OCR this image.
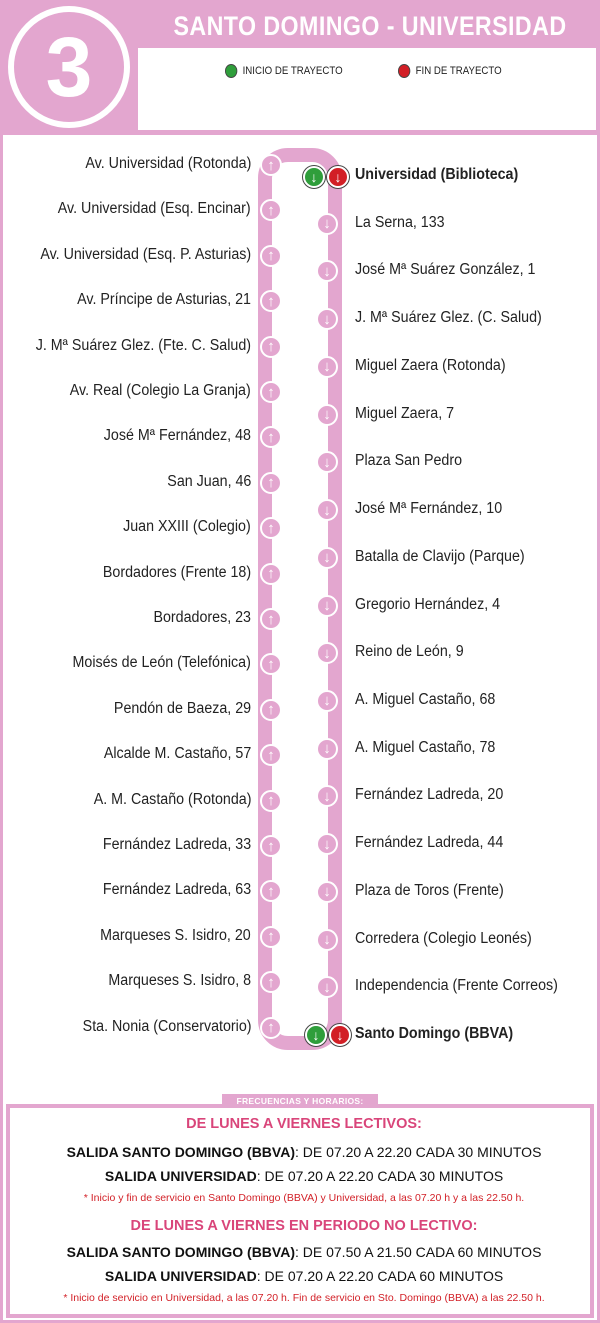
3	SANTO DOMINGO - UNIVERSIDAD
INICIO DE TRAYECTO	FIN DE TRAYECTO
Av. Universidad (Rotonda)	↑
Av. Universidad (Esq. Encinar)	↑
Av. Universidad (Esq. P. Asturias)	↑
Av. Príncipe de Asturias, 21	↑
J. Mª Suárez Glez. (Fte. C. Salud)	↑
Av. Real (Colegio La Granja)	↑
José Mª Fernández, 48	↑
San Juan, 46	↑
Juan XXIII (Colegio)	↑
Bordadores (Frente 18)	↑
Bordadores, 23	↑
Moisés de León (Telefónica)	↑
Pendón de Baeza, 29	↑
Alcalde M. Castaño, 57	↑
A. M. Castaño (Rotonda)	↑
Fernández Ladreda, 33	↑
Fernández Ladreda, 63	↑
Marqueses S. Isidro, 20	↑
Marqueses S. Isidro, 8	↑
Sta. Nonia (Conservatorio)	↑
Universidad (Biblioteca)
La Serna, 133
↓
José Mª Suárez González, 1
↓
J. Mª Suárez Glez. (C. Salud)
↓
Miguel Zaera (Rotonda)
↓
Miguel Zaera, 7
↓
Plaza San Pedro
↓
José Mª Fernández, 10
↓
Batalla de Clavijo (Parque)
↓
Gregorio Hernández, 4
↓
Reino de León, 9
↓
A. Miguel Castaño, 68
↓
A. Miguel Castaño, 78
↓
Fernández Ladreda, 20
↓
Fernández Ladreda, 44
↓
Plaza de Toros (Frente)
↓
Corredera (Colegio Leonés)
↓
Independencia (Frente Correos)
↓
Santo Domingo (BBVA)
↓	↓
↓	↓
DE LUNES A VIERNES LECTIVOS:
SALIDA SANTO DOMINGO (BBVA): DE 07.20 A 22.20 CADA 30 MINUTOS
SALIDA UNIVERSIDAD: DE 07.20 A 22.20 CADA 30 MINUTOS
* Inicio y fin de servicio en Santo Domingo (BBVA) y Universidad, a las 07.20 h y a las 22.50 h.
DE LUNES A VIERNES EN PERIODO NO LECTIVO:
SALIDA SANTO DOMINGO (BBVA): DE 07.50 A 21.50 CADA 60 MINUTOS
SALIDA UNIVERSIDAD: DE 07.20 A 22.20 CADA 60 MINUTOS
* Inicio de servicio en Universidad, a las 07.20 h. Fin de servicio en Sto. Domingo (BBVA) a las 22.50 h.
FRECUENCIAS Y HORARIOS:
